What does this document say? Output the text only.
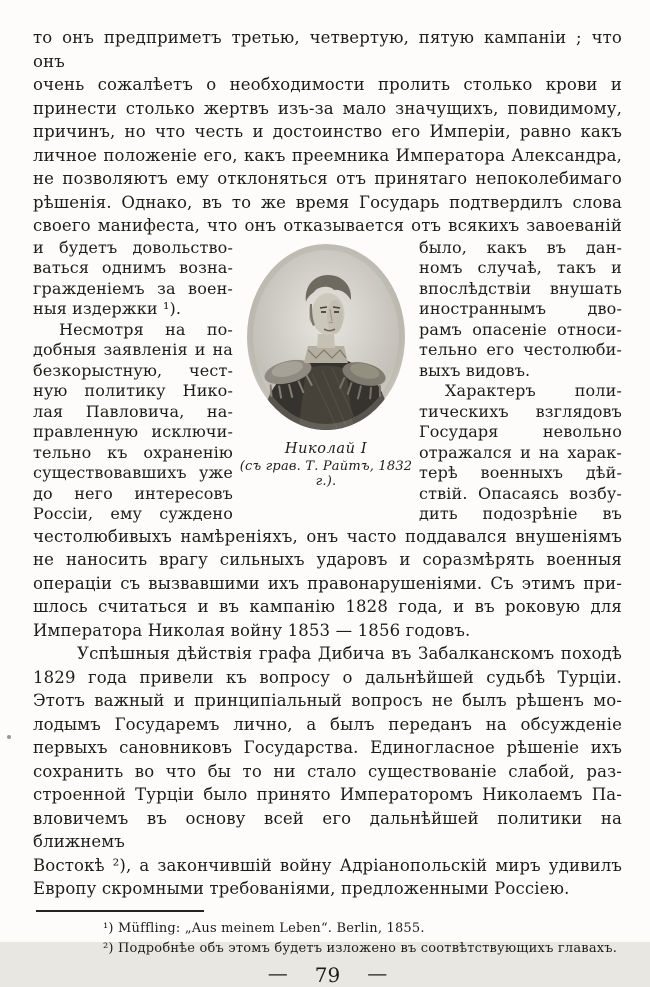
то онъ предприметъ третью, четвертую, пятую кампаніи ; что онъ
очень сожалѣетъ о необходимости пролить столько крови и
принести столько жертвъ изъ-за мало значущихъ, повидимому,
причинъ, но что честь и достоинство его Имперіи, равно какъ
личное положеніе его, какъ преемника Императора Александра,
не позволяютъ ему отклоняться отъ принятаго непоколебимаго
рѣшенія. Однако, въ то же время Государь подтвердилъ слова
своего манифеста, что онъ отказывается отъ всякихъ завоеваній
и будетъ довольство-
ваться однимъ возна-
гражденіемъ за воен-
ныя издержки ¹).
Несмотря на по-
добныя заявленія и на
безкорыстную, чест-
ную политику Нико-
лая Павловича, на-
правленную исключи-
тельно къ охраненію
существовавшихъ уже
до него интересовъ
Россіи, ему суждено
Николай I
(съ грав. Т. Райтъ, 1832 г.).
было, какъ въ дан-
номъ случаѣ, такъ и
впослѣдствіи внушать
иностраннымъ дво-
рамъ опасеніе относи-
тельно его честолюби-
выхъ видовъ.
Характеръ поли-
тическихъ взглядовъ
Государя невольно
отражался и на харак-
терѣ военныхъ дѣй-
ствій. Опасаясь возбу-
дить подозрѣніе въ
честолюбивыхъ намѣреніяхъ, онъ часто поддавался внушеніямъ
не наносить врагу сильныхъ ударовъ и соразмѣрять военныя
операціи съ вызвавшими ихъ правонарушеніями. Съ этимъ при-
шлось считаться и въ кампанію 1828 года, и въ роковую для
Императора Николая войну 1853 — 1856 годовъ.
Успѣшныя дѣйствія графа Дибича въ Забалканскомъ походѣ
1829 года привели къ вопросу о дальнѣйшей судьбѣ Турціи.
Этотъ важный и принципіальный вопросъ не былъ рѣшенъ мо-
лодымъ Государемъ лично, а былъ переданъ на обсужденіе
первыхъ сановниковъ Государства. Единогласное рѣшеніе ихъ
сохранить во что бы то ни стало существованіе слабой, раз-
строенной Турціи было принято Императоромъ Николаемъ Па-
вловичемъ въ основу всей его дальнѣйшей политики на ближнемъ
Востокѣ ²), а закончившій войну Адріанопольскій миръ удивилъ
Европу скромными требованіями, предложенными Россіею.
¹) Müffling: „Aus meinem Leben“. Berlin, 1855.
²) Подробнѣе объ этомъ будетъ изложено въ соотвѣтствующихъ главахъ.
— 79 —
